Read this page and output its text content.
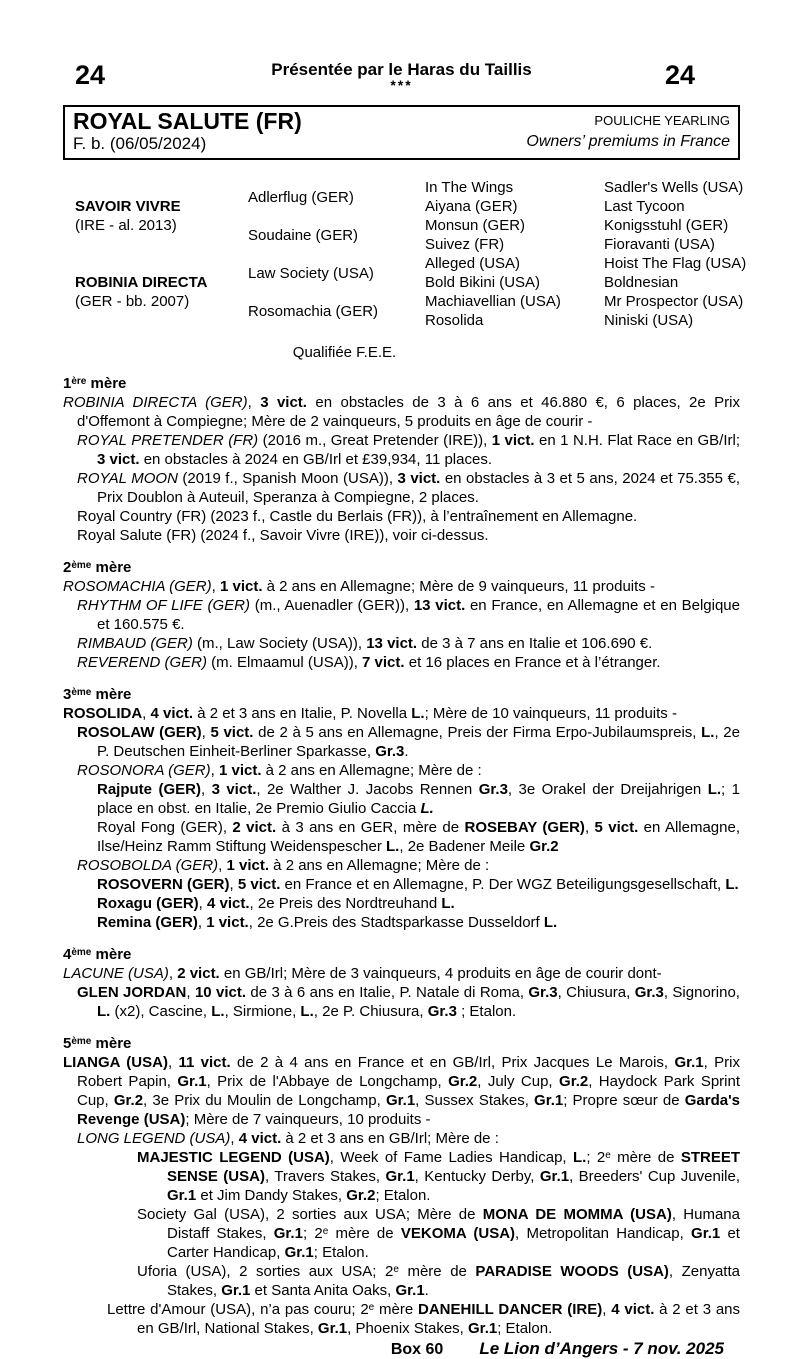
24	Présentée par le Haras du Taillis
***	24
ROYAL SALUTE (FR)
F. b. (06/05/2024)
POULICHE YEARLING
Owners’ premiums in France
SAVOIR VIVRE
(IRE - al. 2013)
ROBINIA DIRECTA
(GER - bb. 2007)
Adlerflug (GER)
Soudaine (GER)
Law Society (USA)
Rosomachia (GER)
In The Wings
Aiyana (GER)
Monsun (GER)
Suivez (FR)
Alleged (USA)
Bold Bikini (USA)
Machiavellian (USA)
Rosolida
Sadler's Wells (USA)
Last Tycoon
Konigsstuhl (GER)
Fioravanti (USA)
Hoist The Flag (USA)
Boldnesian
Mr Prospector (USA)
Niniski (USA)
Qualifiée F.E.E.
1ère mère

ROBINIA DIRECTA (GER), 3 vict. en obstacles de 3 à 6 ans et 46.880 €, 6 places, 2e Prix d'Offemont à Compiegne; Mère de 2 vainqueurs, 5 produits en âge de courir -

ROYAL PRETENDER (FR) (2016 m., Great Pretender (IRE)), 1 vict. en 1 N.H. Flat Race en GB/Irl; 3 vict. en obstacles à 2024 en GB/Irl et £39,934, 11 places.

ROYAL MOON (2019 f., Spanish Moon (USA)), 3 vict. en obstacles à 3 et 5 ans, 2024 et 75.355 €, Prix Doublon à Auteuil, Speranza à Compiegne, 2 places.

Royal Country (FR) (2023 f., Castle du Berlais (FR)), à l’entraînement en Allemagne.

Royal Salute (FR) (2024 f., Savoir Vivre (IRE)), voir ci-dessus.

2ème mère

ROSOMACHIA (GER), 1 vict. à 2 ans en Allemagne; Mère de 9 vainqueurs, 11 produits -

RHYTHM OF LIFE (GER) (m., Auenadler (GER)), 13 vict. en France, en Allemagne et en Belgique et 160.575 €.

RIMBAUD (GER) (m., Law Society (USA)), 13 vict. de 3 à 7 ans en Italie et 106.690 €.

REVEREND (GER) (m. Elmaamul (USA)), 7 vict. et 16 places en France et à l’étranger.

3ème mère

ROSOLIDA, 4 vict. à 2 et 3 ans en Italie, P. Novella L.; Mère de 10 vainqueurs, 11 produits -

ROSOLAW (GER), 5 vict. de 2 à 5 ans en Allemagne, Preis der Firma Erpo-Jubilaumspreis, L., 2e P. Deutschen Einheit-Berliner Sparkasse, Gr.3.

ROSONORA (GER), 1 vict. à 2 ans en Allemagne; Mère de :

Rajpute (GER), 3 vict., 2e Walther J. Jacobs Rennen Gr.3, 3e Orakel der Dreijahrigen L.; 1 place en obst. en Italie, 2e Premio Giulio Caccia L.

Royal Fong (GER), 2 vict. à 3 ans en GER, mère de ROSEBAY (GER), 5 vict. en Allemagne, Ilse/Heinz Ramm Stiftung Weidenspescher L., 2e Badener Meile Gr.2

ROSOBOLDA (GER), 1 vict. à 2 ans en Allemagne; Mère de :

ROSOVERN (GER), 5 vict. en France et en Allemagne, P. Der WGZ Beteiligungsgesellschaft, L.

Roxagu (GER), 4 vict., 2e Preis des Nordtreuhand L.

Remina (GER), 1 vict., 2e G.Preis des Stadtsparkasse Dusseldorf L.

4ème mère

LACUNE (USA), 2 vict. en GB/Irl; Mère de 3 vainqueurs, 4 produits en âge de courir dont-

GLEN JORDAN, 10 vict. de 3 à 6 ans en Italie, P. Natale di Roma, Gr.3, Chiusura, Gr.3, Signorino, L. (x2), Cascine, L., Sirmione, L., 2e P. Chiusura, Gr.3 ; Etalon.

5ème mère

LIANGA (USA), 11 vict. de 2 à 4 ans en France et en GB/Irl, Prix Jacques Le Marois, Gr.1, Prix Robert Papin, Gr.1, Prix de l'Abbaye de Longchamp, Gr.2, July Cup, Gr.2, Haydock Park Sprint Cup, Gr.2, 3e Prix du Moulin de Longchamp, Gr.1, Sussex Stakes, Gr.1; Propre sœur de Garda's Revenge (USA); Mère de 7 vainqueurs, 10 produits -

LONG LEGEND (USA), 4 vict. à 2 et 3 ans en GB/Irl; Mère de :

MAJESTIC LEGEND (USA), Week of Fame Ladies Handicap, L.; 2e mère de STREET SENSE (USA), Travers Stakes, Gr.1, Kentucky Derby, Gr.1, Breeders' Cup Juvenile, Gr.1 et Jim Dandy Stakes, Gr.2; Etalon.

Society Gal (USA), 2 sorties aux USA; Mère de MONA DE MOMMA (USA), Humana Distaff Stakes, Gr.1; 2e mère de VEKOMA (USA), Metropolitan Handicap, Gr.1 et Carter Handicap, Gr.1; Etalon.

Uforia (USA), 2 sorties aux USA; 2e mère de PARADISE WOODS (USA), Zenyatta Stakes, Gr.1 et Santa Anita Oaks, Gr.1.

Lettre d'Amour (USA), n’a pas couru; 2e mère DANEHILL DANCER (IRE), 4 vict. à 2 et 3 ans en GB/Irl, National Stakes, Gr.1, Phoenix Stakes, Gr.1; Etalon.

Box 60 Le Lion d’Angers - 7 nov. 2025
